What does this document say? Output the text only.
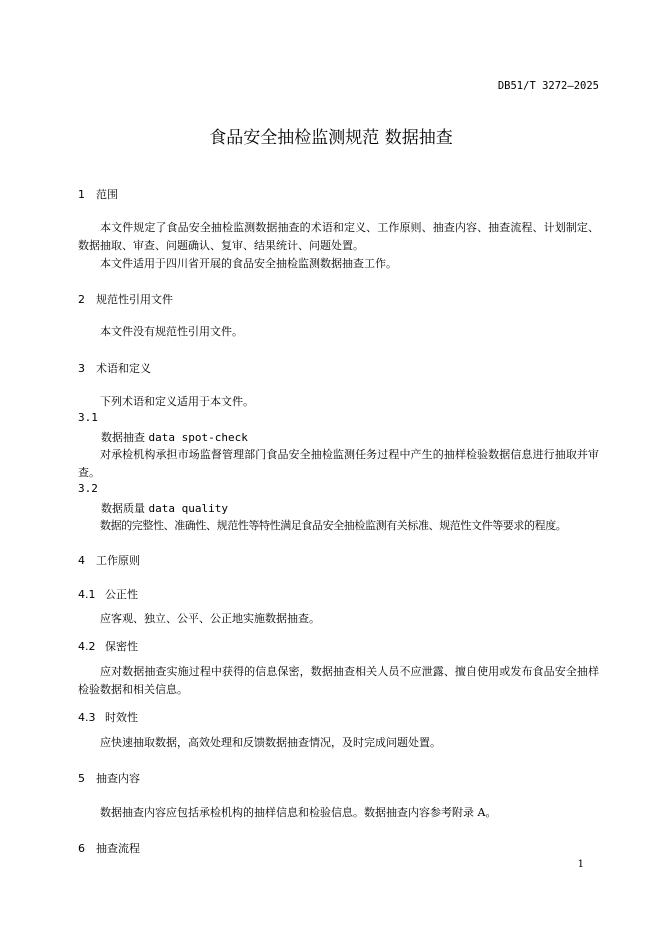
DB51/T 3272—2025
食品安全抽检监测规范 数据抽查
1 范围
本文件规定了食品安全抽检监测数据抽查的术语和定义、工作原则、抽查内容、抽查流程、计划制定、数据抽取、审查、问题确认、复审、结果统计、问题处置。
本文件适用于四川省开展的食品安全抽检监测数据抽查工作。
2 规范性引用文件
本文件没有规范性引用文件。
3 术语和定义
下列术语和定义适用于本文件。
3.1
数据抽查 data spot-check
对承检机构承担市场监督管理部门食品安全抽检监测任务过程中产生的抽样检验数据信息进行抽取并审查。
3.2
数据质量 data quality
数据的完整性、准确性、规范性等特性满足食品安全抽检监测有关标准、规范性文件等要求的程度。
4 工作原则
4.1 公正性
应客观、独立、公平、公正地实施数据抽查。
4.2 保密性
应对数据抽查实施过程中获得的信息保密，数据抽查相关人员不应泄露、擅自使用或发布食品安全抽样检验数据和相关信息。
4.3 时效性
应快速抽取数据，高效处理和反馈数据抽查情况，及时完成问题处置。
5 抽查内容
数据抽查内容应包括承检机构的抽样信息和检验信息。数据抽查内容参考附录 A。
6 抽查流程
1
